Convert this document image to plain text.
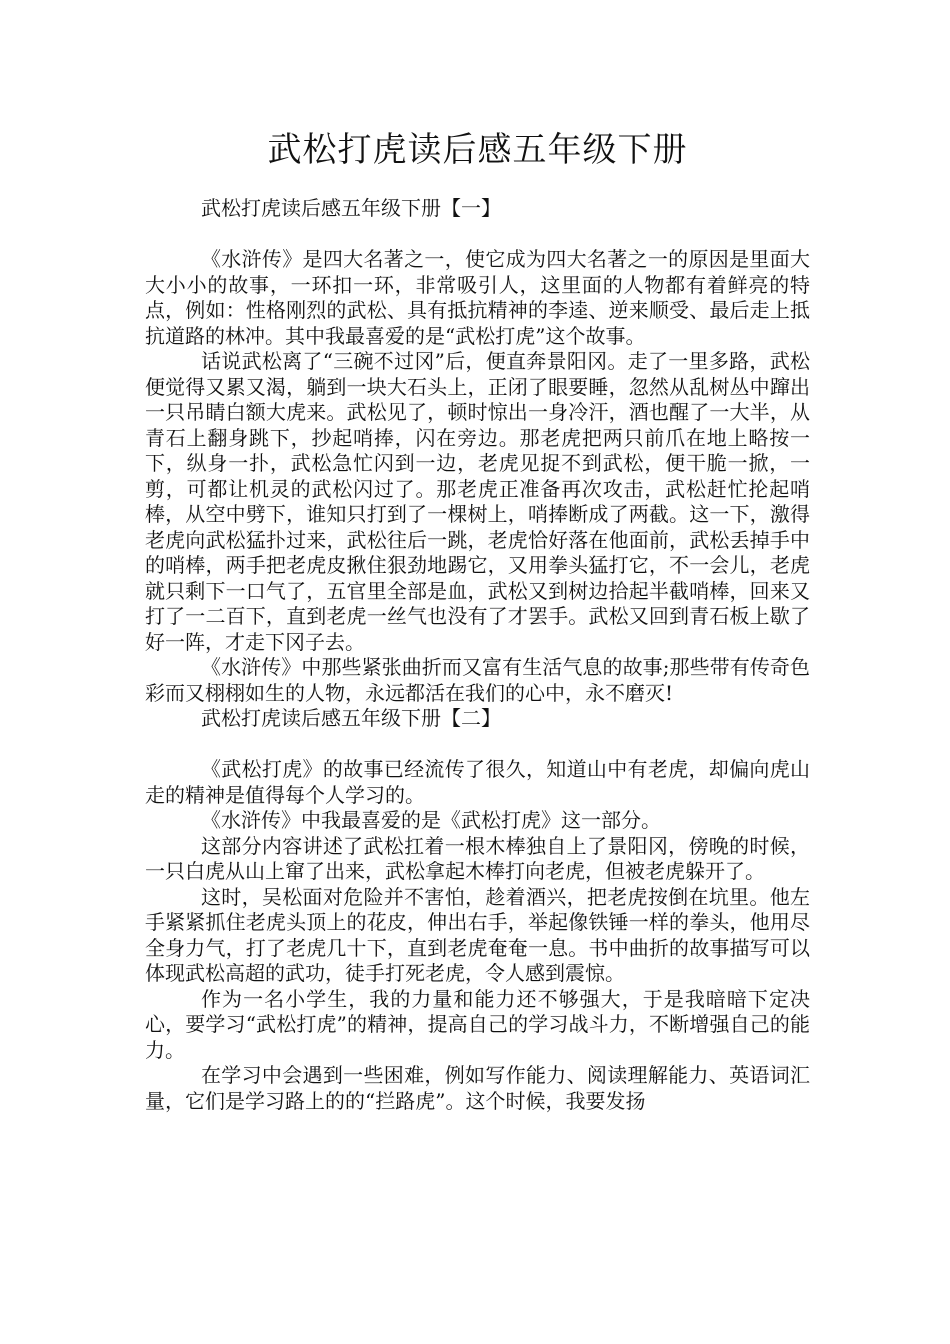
武松打虎读后感五年级下册
武松打虎读后感五年级下册【一】

《水浒传》是四大名著之一，使它成为四大名著之一的原因是里面大大小小的故事，一环扣一环，非常吸引人，这里面的人物都有着鲜亮的特点，例如：性格刚烈的武松、具有抵抗精神的李逵、逆来顺受、最后走上抵抗道路的林冲。其中我最喜爱的是“武松打虎”这个故事。

话说武松离了“三碗不过冈”后，便直奔景阳冈。走了一里多路，武松便觉得又累又渴，躺到一块大石头上，正闭了眼要睡，忽然从乱树丛中蹿出一只吊睛白额大虎来。武松见了，顿时惊出一身冷汗，酒也醒了一大半，从青石上翻身跳下，抄起哨捧，闪在旁边。那老虎把两只前爪在地上略按一下，纵身一扑，武松急忙闪到一边，老虎见捉不到武松，便干脆一掀，一剪，可都让机灵的武松闪过了。那老虎正准备再次攻击，武松赶忙抡起哨棒，从空中劈下，谁知只打到了一棵树上，哨捧断成了两截。这一下，激得老虎向武松猛扑过来，武松往后一跳，老虎恰好落在他面前，武松丢掉手中的哨棒，两手把老虎皮揪住狠劲地踢它，又用拳头猛打它，不一会儿，老虎就只剩下一口气了，五官里全部是血，武松又到树边拾起半截哨棒，回来又打了一二百下，直到老虎一丝气也没有了才罢手。武松又回到青石板上歇了好一阵，才走下冈子去。

《水浒传》中那些紧张曲折而又富有生活气息的故事;那些带有传奇色彩而又栩栩如生的人物，永远都活在我们的心中，永不磨灭!

武松打虎读后感五年级下册【二】

《武松打虎》的故事已经流传了很久，知道山中有老虎，却偏向虎山走的精神是值得每个人学习的。

《水浒传》中我最喜爱的是《武松打虎》这一部分。

这部分内容讲述了武松扛着一根木棒独自上了景阳冈，傍晚的时候，一只白虎从山上窜了出来，武松拿起木棒打向老虎，但被老虎躲开了。

这时，吴松面对危险并不害怕，趁着酒兴，把老虎按倒在坑里。他左手紧紧抓住老虎头顶上的花皮，伸出右手，举起像铁锤一样的拳头，他用尽全身力气，打了老虎几十下，直到老虎奄奄一息。书中曲折的故事描写可以体现武松高超的武功，徒手打死老虎，令人感到震惊。

作为一名小学生，我的力量和能力还不够强大，于是我暗暗下定决心，要学习“武松打虎”的精神，提高自己的学习战斗力，不断增强自己的能力。

在学习中会遇到一些困难，例如写作能力、阅读理解能力、英语词汇量，它们是学习路上的的“拦路虎”。这个时候，我要发扬
